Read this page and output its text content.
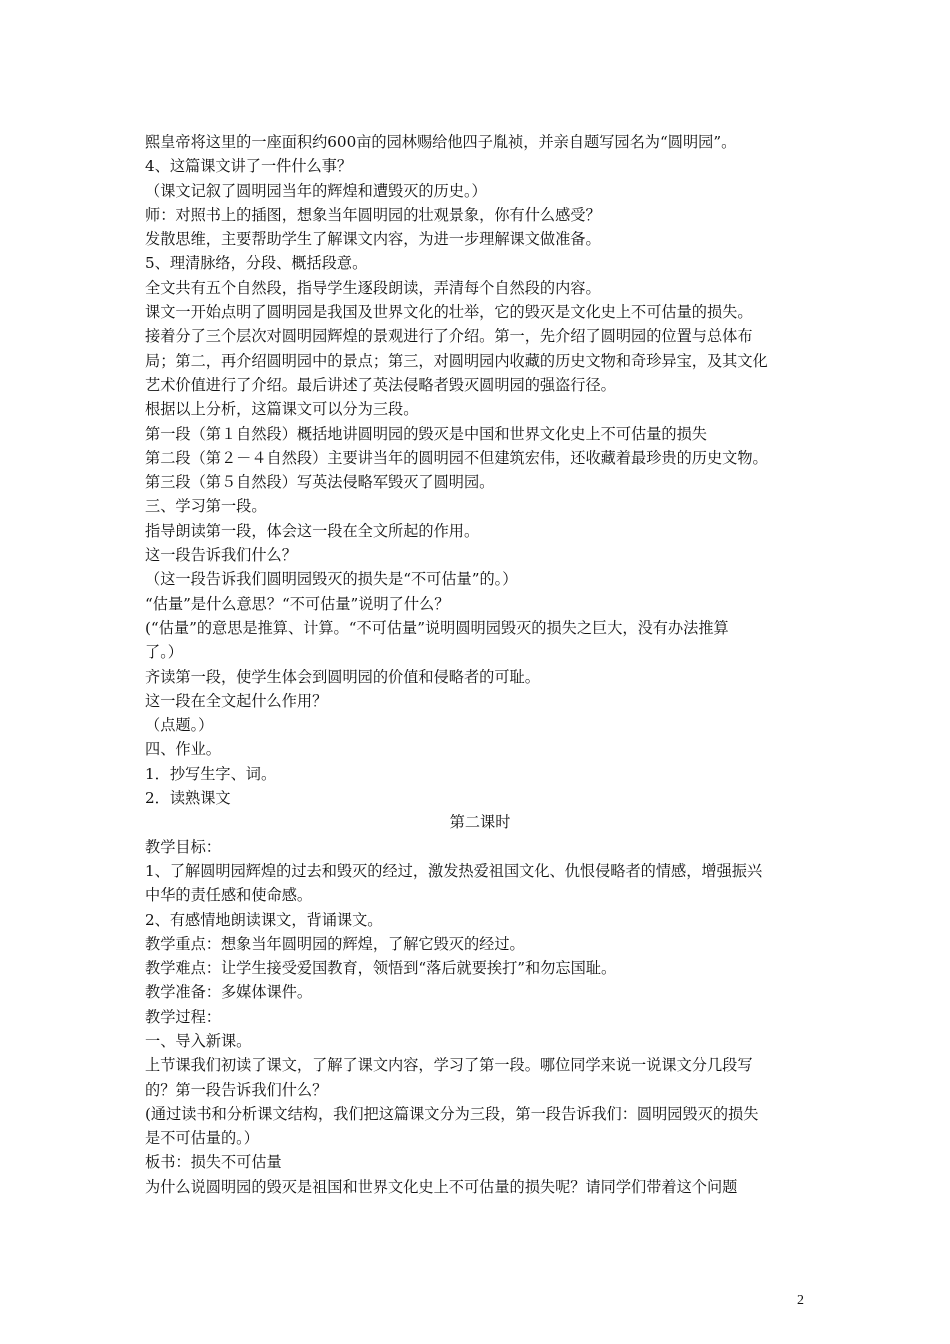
熙皇帝将这里的一座面积约600亩的园林赐给他四子胤祯，并亲自题写园名为“圆明园”。
4、这篇课文讲了一件什么事？
（课文记叙了圆明园当年的辉煌和遭毁灭的历史。）
师：对照书上的插图，想象当年圆明园的壮观景象，你有什么感受？
发散思维，主要帮助学生了解课文内容，为进一步理解课文做准备。
5、理清脉络，分段、概括段意。
全文共有五个自然段，指导学生逐段朗读，弄清每个自然段的内容。
课文一开始点明了圆明园是我国及世界文化的壮举，它的毁灭是文化史上不可估量的损失。
接着分了三个层次对圆明园辉煌的景观进行了介绍。第一，先介绍了圆明园的位置与总体布
局；第二，再介绍圆明园中的景点；第三，对圆明园内收藏的历史文物和奇珍异宝，及其文化
艺术价值进行了介绍。最后讲述了英法侵略者毁灭圆明园的强盗行径。
根据以上分析，这篇课文可以分为三段。
第一段（第１自然段）概括地讲圆明园的毁灭是中国和世界文化史上不可估量的损失
第二段（第２－４自然段）主要讲当年的圆明园不但建筑宏伟，还收藏着最珍贵的历史文物。
第三段（第５自然段）写英法侵略军毁灭了圆明园。
三、学习第一段。
指导朗读第一段，体会这一段在全文所起的作用。
这一段告诉我们什么？
（这一段告诉我们圆明园毁灭的损失是“不可估量”的。）
“估量”是什么意思？“不可估量”说明了什么？
(“估量”的意思是推算、计算。“不可估量”说明圆明园毁灭的损失之巨大，没有办法推算
了。）
齐读第一段，使学生体会到圆明园的价值和侵略者的可耻。
这一段在全文起什么作用？
（点题。）
四、作业。
1．抄写生字、词。
2．读熟课文
第二课时
教学目标：
1、了解圆明园辉煌的过去和毁灭的经过，激发热爱祖国文化、仇恨侵略者的情感，增强振兴
中华的责任感和使命感。
2、有感情地朗读课文，背诵课文。
教学重点：想象当年圆明园的辉煌，了解它毁灭的经过。
教学难点：让学生接受爱国教育，领悟到“落后就要挨打”和勿忘国耻。
教学准备：多媒体课件。
教学过程：
一、导入新课。
上节课我们初读了课文，了解了课文内容，学习了第一段。哪位同学来说一说课文分几段写
的？第一段告诉我们什么？
(通过读书和分析课文结构，我们把这篇课文分为三段，第一段告诉我们：圆明园毁灭的损失
是不可估量的。）
板书：损失不可估量
为什么说圆明园的毁灭是祖国和世界文化史上不可估量的损失呢？请同学们带着这个问题
2
